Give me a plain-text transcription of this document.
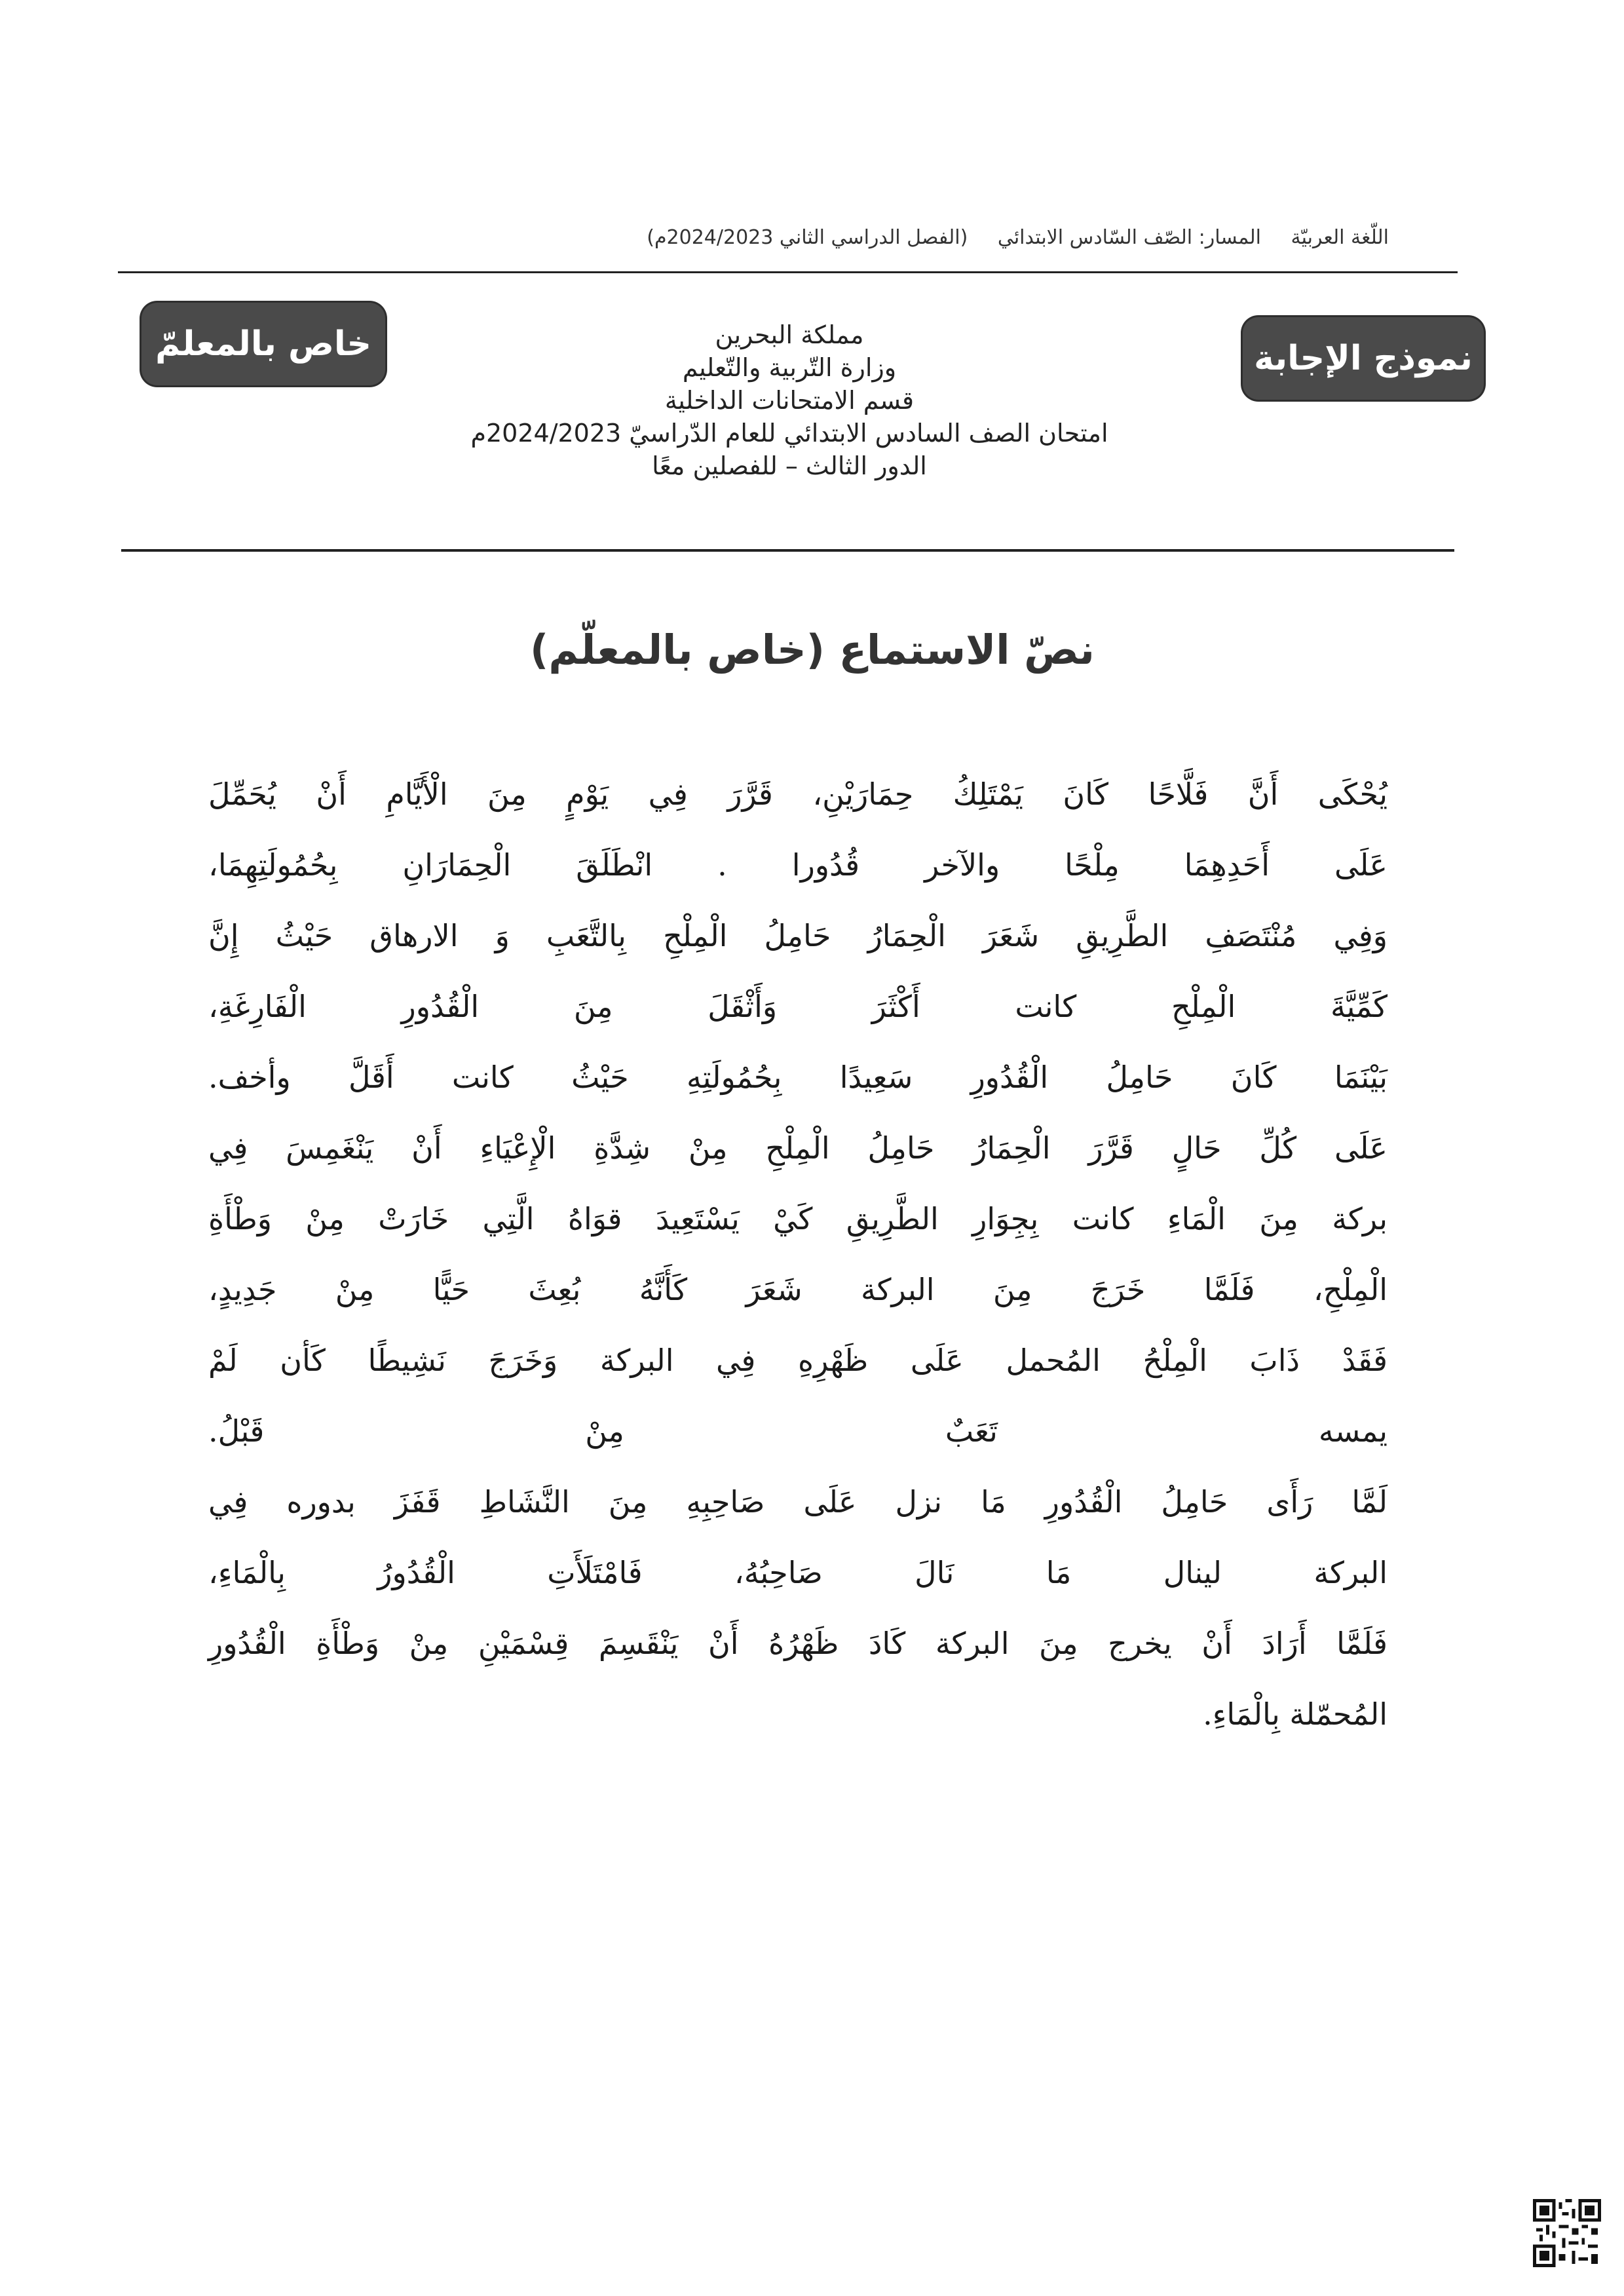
اللّغة العربيّة المسار: الصّف السّادس الابتدائي (الفصل الدراسي الثاني 2024/2023م)
نموذج الإجابة
خاص بالمعلمّ	مملكة البحرين
وزارة التّربية والتّعليم
قسم الامتحانات الداخلية
امتحان الصف السادس الابتدائي للعام الدّراسيّ 2024/2023م
الدور الثالث – للفصلين معًا
نصّ الاستماع (خاص بالمعلّم)
يُحْكَى أَنَّ فَلَّاحًا كَانَ يَمْتَلِكُ حِمَارَيْنِ، قَرَّرَ فِي يَوْمٍ مِنَ الْأَيَّامِ أَنْ يُحَمِّلَ
عَلَى أَحَدِهِمَا مِلْحًا والآخر قُدُورا . انْطَلَقَ الْحِمَارَانِ بِحُمُولَتِهِمَا،
وَفِي مُنْتَصَفِ الطَّرِيقِ شَعَرَ الْحِمَارُ حَامِلُ الْمِلْحِ بِالتَّعَبِ وَ الارهاق حَيْثُ إِنَّ
كَمِّيَّةَ الْمِلْحِ كانت أَكْثَرَ وَأَثْقَلَ مِنَ الْقُدُورِ الْفَارِغَةِ،
بَيْنَمَا كَانَ حَامِلُ الْقُدُورِ سَعِيدًا بِحُمُولَتِهِ حَيْثُ كانت أَقَلَّ وأخف.
عَلَى كُلِّ حَالٍ قَرَّرَ الْحِمَارُ حَامِلُ الْمِلْحِ مِنْ شِدَّةِ الْإِعْيَاءِ أَنْ يَنْغَمِسَ فِي
بركة مِنَ الْمَاءِ كانت بِجِوَارِ الطَّرِيقِ كَيْ يَسْتَعِيدَ قوَاهُ الَّتِي خَارَتْ مِنْ وَطْأَةِ
الْمِلْحِ، فَلَمَّا خَرَجَ مِنَ البركة شَعَرَ كَأَنَّهُ بُعِثَ حَيًّا مِنْ جَدِيدٍ،
فَقَدْ ذَابَ الْمِلْحُ المُحمل عَلَى ظَهْرِهِ فِي البركة وَخَرَجَ نَشِيطًا كَأن لَمْ
يمسه تَعَبٌ مِنْ قَبْلُ.
لَمَّا رَأَى حَامِلُ الْقُدُورِ مَا نزل عَلَى صَاحِبِهِ مِنَ النَّشَاطِ قَفَزَ بدوره فِي
البركة لينال مَا نَالَ صَاحِبُهُ، فَامْتَلَأَتِ الْقُدُورُ بِالْمَاءِ،
فَلَمَّا أَرَادَ أَنْ يخرج مِنَ البركة كَادَ ظَهْرُهُ أَنْ يَنْقَسِمَ قِسْمَيْنِ مِنْ وَطْأَةِ الْقُدُورِ
المُحمّلة بِالْمَاءِ.
